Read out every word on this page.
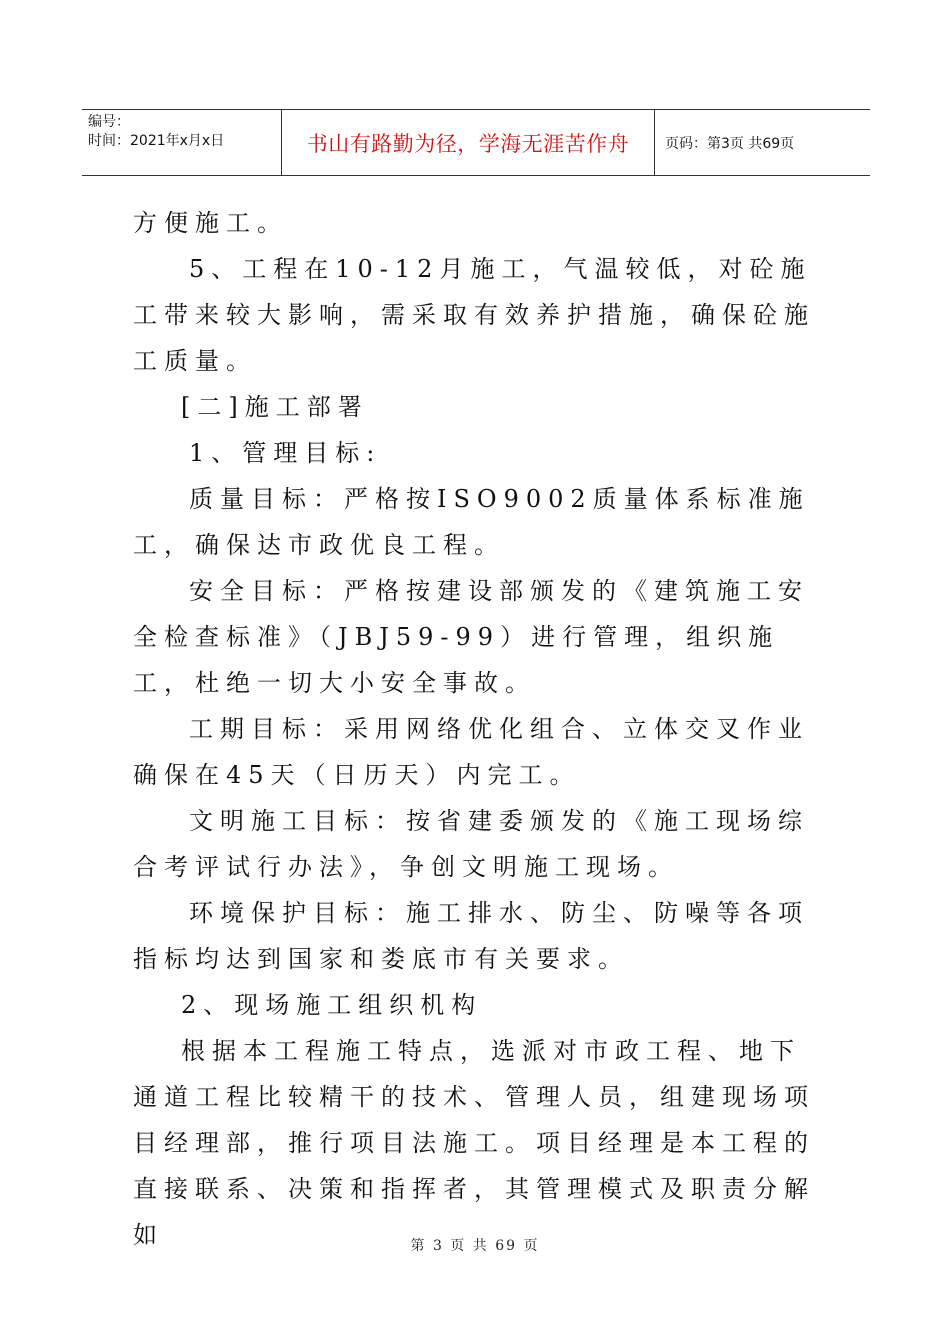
编号：
时间：2021年x月x日	书山有路勤为径，学海无涯苦作舟	页码：第3页 共69页

方便施工。

5、工程在10-12月施工，气温较低，对砼施工带来较大影响，需采取有效养护措施，确保砼施工质量。

[二]施工部署

1、管理目标:

质量目标：严格按ISO9002质量体系标准施工，确保达市政优良工程。

安全目标：严格按建设部颁发的《建筑施工安全检查标准》（JBJ59-99）进行管理，组织施工，杜绝一切大小安全事故。

工期目标：采用网络优化组合、立体交叉作业确保在45天（日历天）内完工。

文明施工目标：按省建委颁发的《施工现场综合考评试行办法》，争创文明施工现场。

环境保护目标：施工排水、防尘、防噪等各项指标均达到国家和娄底市有关要求。

2、现场施工组织机构

根据本工程施工特点，选派对市政工程、地下通道工程比较精干的技术、管理人员，组建现场项目经理部，推行项目法施工。项目经理是本工程的直接联系、决策和指挥者，其管理模式及职责分解如	第 3 页 共 69 页
